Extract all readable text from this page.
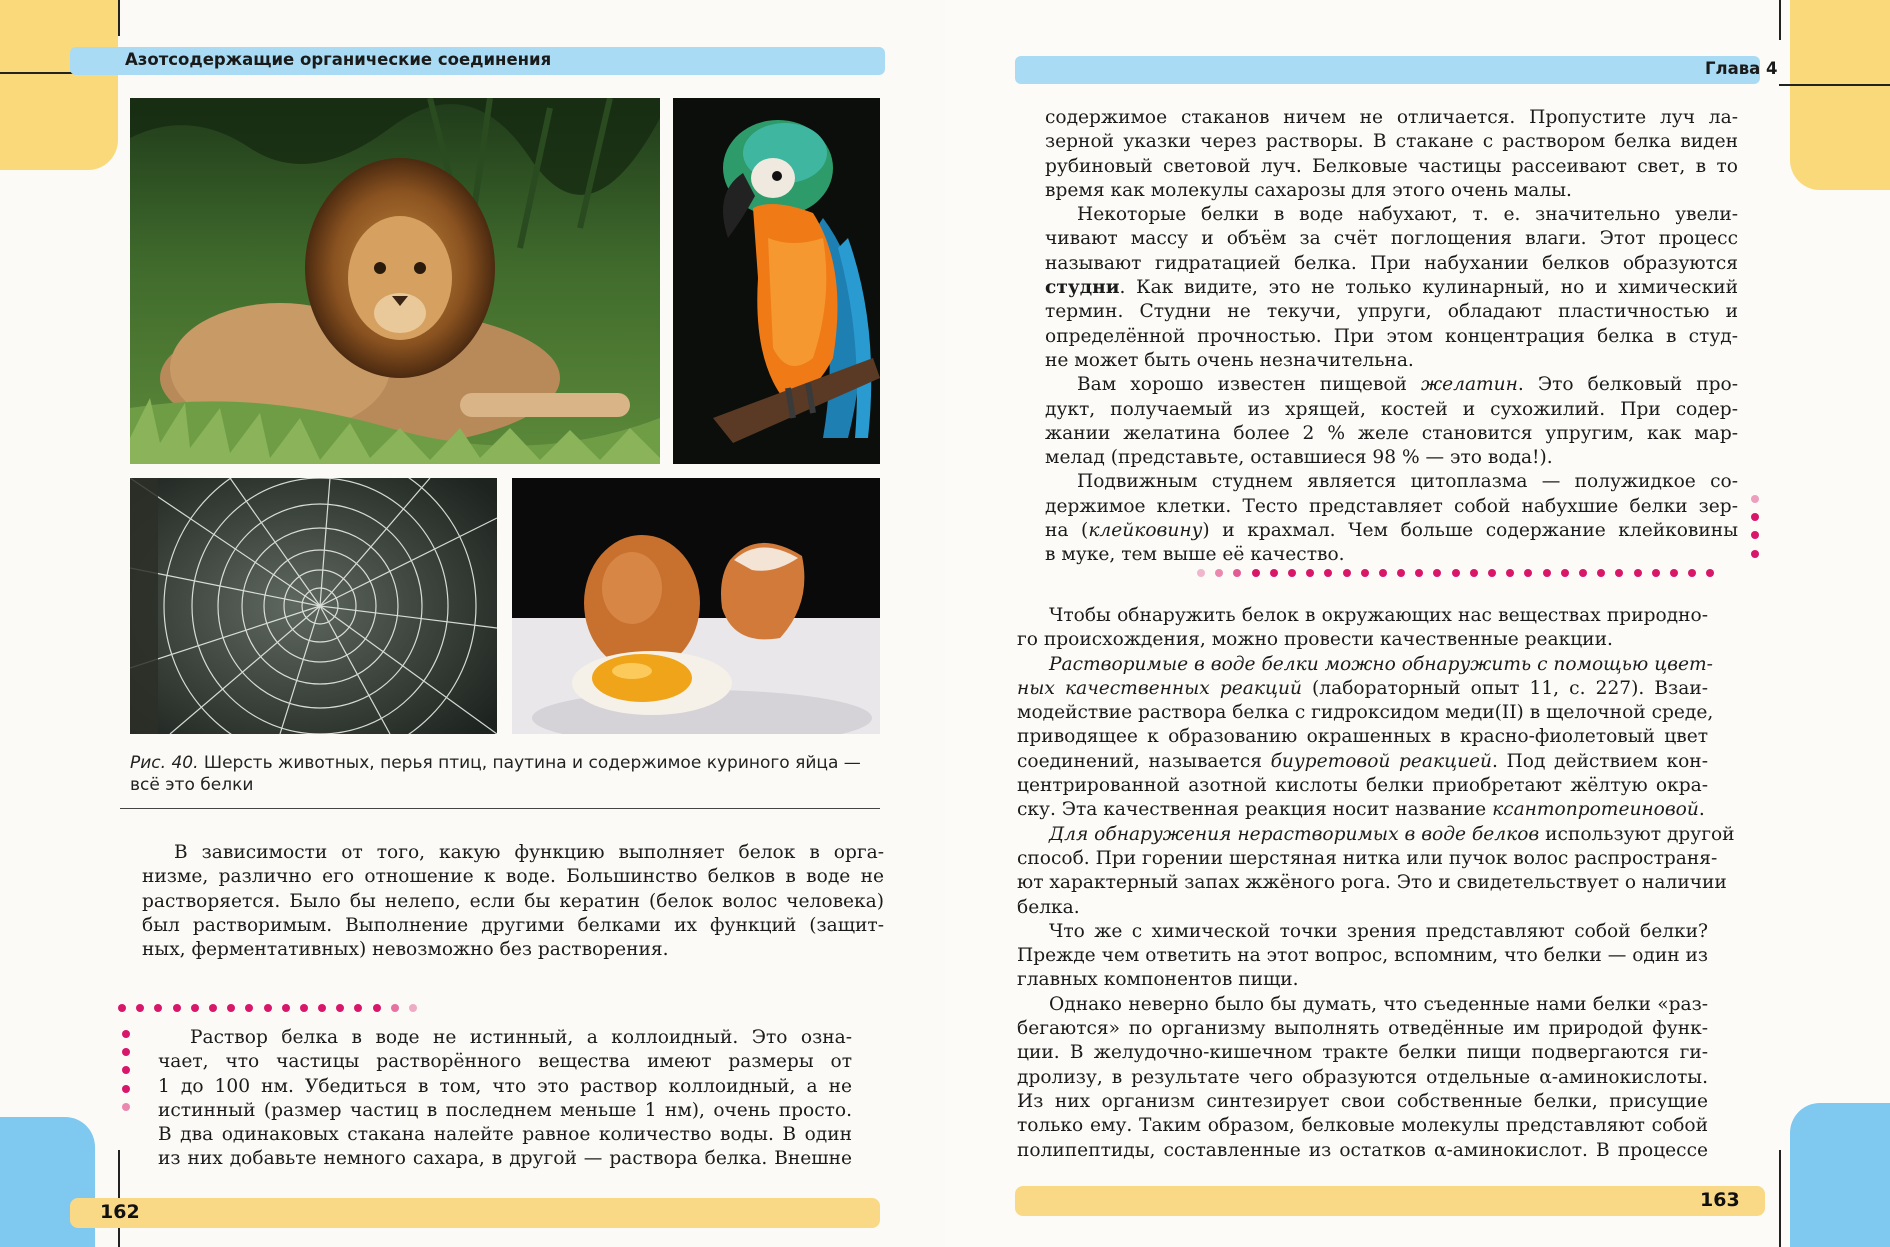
Азотсодержащие органические соединения
Рис. 40. Шерсть животных, перья птиц, паутина и содержимое куриного яйца —
всё это белки
В зависимости от того, какую функцию выполняет белок в орга-
низме, различно его отношение к воде. Большинство белков в воде не
растворяется. Было бы нелепо, если бы кератин (белок волос человека)
был растворимым. Выполнение другими белками их функций (защит-
ных, ферментативных) невозможно без растворения.
Раствор белка в воде не истинный, а коллоидный. Это озна-
чает, что частицы растворённого вещества имеют размеры от
1 до 100 нм. Убедиться в том, что это раствор коллоидный, а не
истинный (размер частиц в последнем меньше 1 нм), очень просто.
В два одинаковых стакана налейте равное количество воды. В один
из них добавьте немного сахара, в другой — раствора белка. Внешне
162
Глава 4
содержимое стаканов ничем не отличается. Пропустите луч ла-
зерной указки через растворы. В стакане с раствором белка виден
рубиновый световой луч. Белковые частицы рассеивают свет, в то
время как молекулы сахарозы для этого очень малы.
Некоторые белки в воде набухают, т. е. значительно увели-
чивают массу и объём за счёт поглощения влаги. Этот процесс
называют гидратацией белка. При набухании белков образуются
студни. Как видите, это не только кулинарный, но и химический
термин. Студни не текучи, упруги, обладают пластичностью и
определённой прочностью. При этом концентрация белка в студ-
не может быть очень незначительна.
Вам хорошо известен пищевой желатин. Это белковый про-
дукт, получаемый из хрящей, костей и сухожилий. При содер-
жании желатина более 2 % желе становится упругим, как мар-
мелад (представьте, оставшиеся 98 % — это вода!).
Подвижным студнем является цитоплазма — полужидкое со-
держимое клетки. Тесто представляет собой набухшие белки зер-
на (клейковину) и крахмал. Чем больше содержание клейковины
в муке, тем выше её качество.
Чтобы обнаружить белок в окружающих нас веществах природно-
го происхождения, можно провести качественные реакции.
Растворимые в воде белки можно обнаружить с помощью цвет-
ных качественных реакций (лабораторный опыт 11, с. 227). Взаи-
модействие раствора белка с гидроксидом меди(II) в щелочной среде,
приводящее к образованию окрашенных в красно-фиолетовый цвет
соединений, называется биуретовой реакцией. Под действием кон-
центрированной азотной кислоты белки приобретают жёлтую окра-
ску. Эта качественная реакция носит название ксантопротеиновой.
Для обнаружения нерастворимых в воде белков используют другой
способ. При горении шерстяная нитка или пучок волос распространя-
ют характерный запах жжёного рога. Это и свидетельствует о наличии
белка.
Что же с химической точки зрения представляют собой белки?
Прежде чем ответить на этот вопрос, вспомним, что белки — один из
главных компонентов пищи.
Однако неверно было бы думать, что съеденные нами белки «раз-
бегаются» по организму выполнять отведённые им природой функ-
ции. В желудочно-кишечном тракте белки пищи подвергаются ги-
дролизу, в результате чего образуются отдельные α-аминокислоты.
Из них организм синтезирует свои собственные белки, присущие
только ему. Таким образом, белковые молекулы представляют собой
полипептиды, составленные из остатков α-аминокислот. В процессе
163
